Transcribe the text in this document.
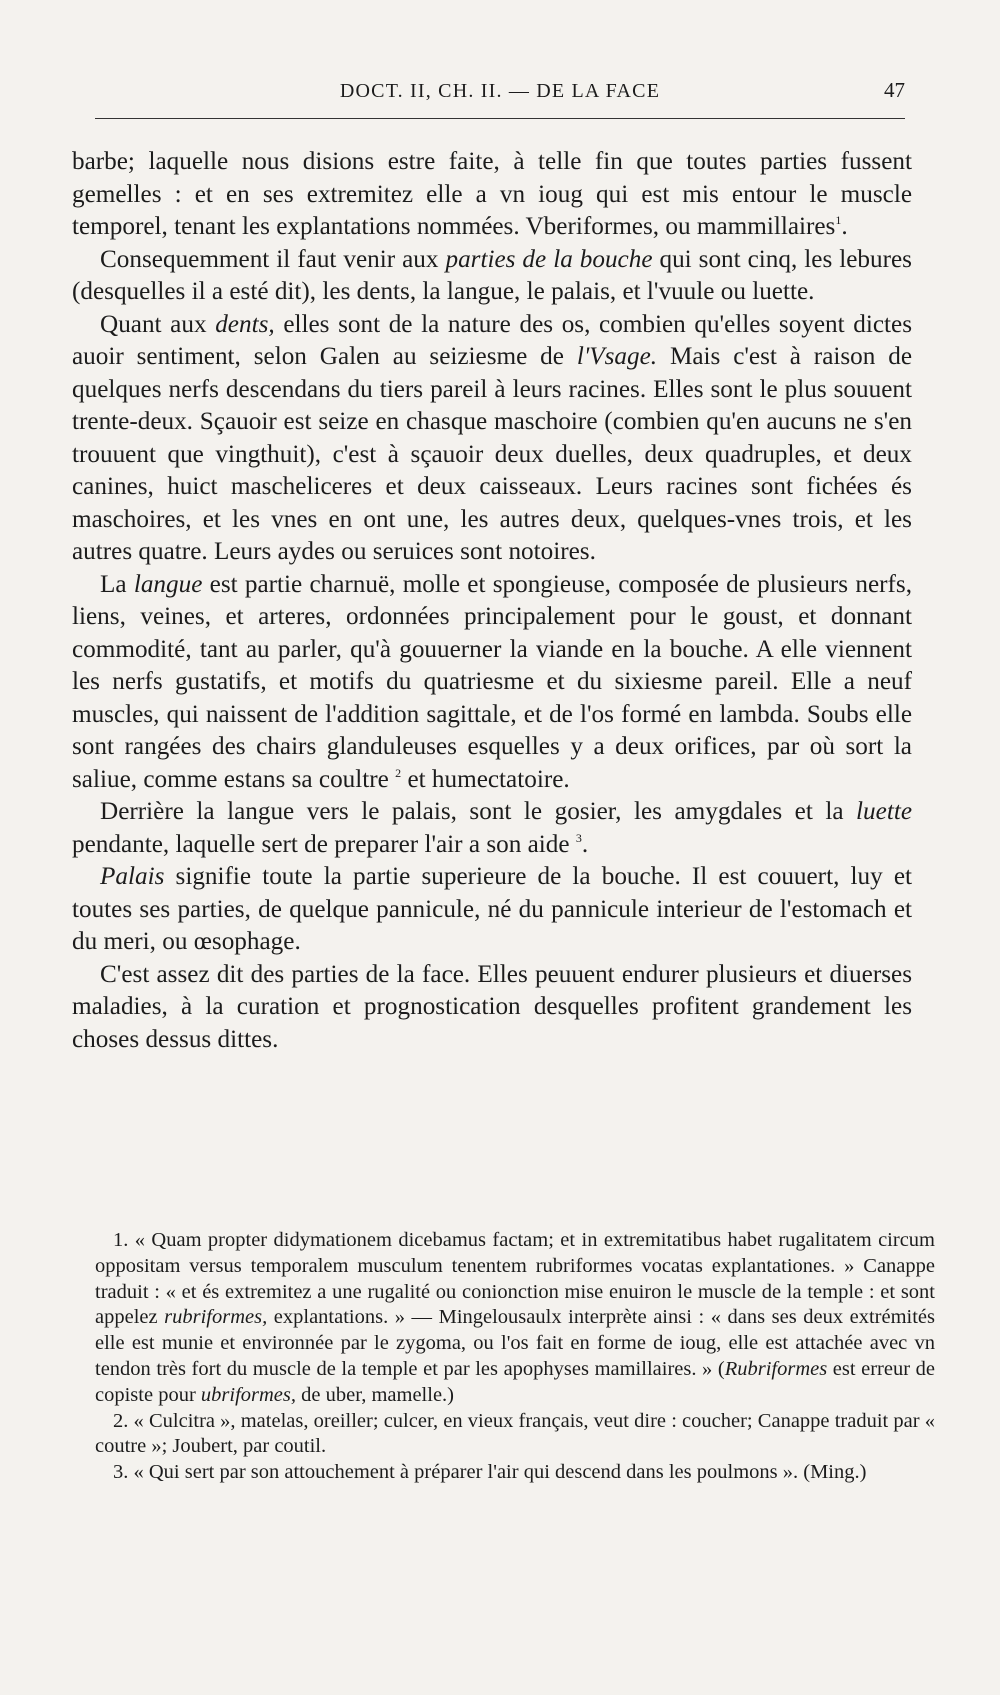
DOCT. II, CH. II. — DE LA FACE	47

barbe; laquelle nous disions estre faite, à telle fin que toutes parties fussent gemelles : et en ses extremitez elle a vn ioug qui est mis entour le muscle temporel, tenant les explantations nommées. Vberiformes, ou mammillaires$^1$.

Consequemment il faut venir aux parties de la bouche qui sont cinq, les lebures (desquelles il a esté dit), les dents, la langue, le palais, et l'vuule ou luette.

Quant aux dents, elles sont de la nature des os, combien qu'elles soyent dictes auoir sentiment, selon Galen au seiziesme de l'Vsage. Mais c'est à raison de quelques nerfs descendans du tiers pareil à leurs racines. Elles sont le plus souuent trente-deux. Sçauoir est seize en chasque maschoire (combien qu'en aucuns ne s'en trouuent que vingthuit), c'est à sçauoir deux duelles, deux quadruples, et deux canines, huict mascheliceres et deux caisseaux. Leurs racines sont fichées és maschoires, et les vnes en ont une, les autres deux, quelques-vnes trois, et les autres quatre. Leurs aydes ou seruices sont notoires.

La langue est partie charnuë, molle et spongieuse, composée de plusieurs nerfs, liens, veines, et arteres, ordonnées principalement pour le goust, et donnant commodité, tant au parler, qu'à gouuerner la viande en la bouche. A elle viennent les nerfs gustatifs, et motifs du quatriesme et du sixiesme pareil. Elle a neuf muscles, qui naissent de l'addition sagittale, et de l'os formé en lambda. Soubs elle sont rangées des chairs glanduleuses esquelles y a deux orifices, par où sort la saliue, comme estans sa coultre $^2$ et humectatoire.

Derrière la langue vers le palais, sont le gosier, les amygdales et la luette pendante, laquelle sert de preparer l'air a son aide $^3$.

Palais signifie toute la partie superieure de la bouche. Il est couuert, luy et toutes ses parties, de quelque pannicule, né du pannicule interieur de l'estomach et du meri, ou œsophage.

C'est assez dit des parties de la face. Elles peuuent endurer plusieurs et diuerses maladies, à la curation et prognostication desquelles profitent grandement les choses dessus dittes.

1. « Quam propter didymationem dicebamus factam; et in extremitatibus habet rugalitatem circum oppositam versus temporalem musculum tenentem rubriformes vocatas explantationes. » Canappe traduit : « et és extremitez a une rugalité ou conionction mise enuiron le muscle de la temple : et sont appelez rubriformes, explantations. » — Mingelousaulx interprète ainsi : « dans ses deux extrémités elle est munie et environnée par le zygoma, ou l'os fait en forme de ioug, elle est attachée avec vn tendon très fort du muscle de la temple et par les apophyses mamillaires. » (Rubriformes est erreur de copiste pour ubriformes, de uber, mamelle.)

2. « Culcitra », matelas, oreiller; culcer, en vieux français, veut dire : coucher; Canappe traduit par « coutre »; Joubert, par coutil.

3. « Qui sert par son attouchement à préparer l'air qui descend dans les poulmons ». (Ming.)
